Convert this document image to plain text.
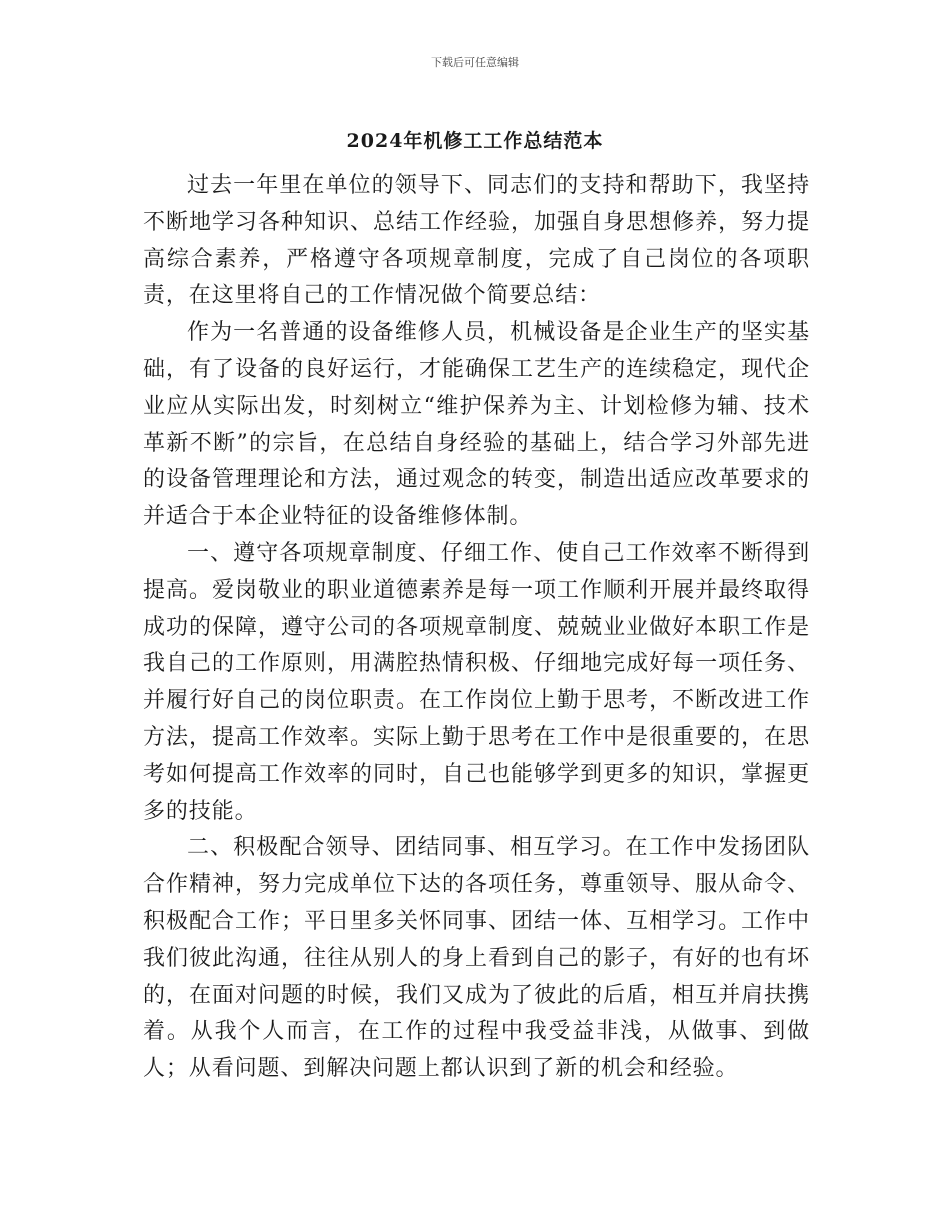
下载后可任意编辑
2024年机修工工作总结范本

过去一年里在单位的领导下、同志们的支持和帮助下，我坚持不断地学习各种知识、总结工作经验，加强自身思想修养，努力提高综合素养，严格遵守各项规章制度，完成了自己岗位的各项职责，在这里将自己的工作情况做个简要总结：

作为一名普通的设备维修人员，机械设备是企业生产的坚实基础，有了设备的良好运行，才能确保工艺生产的连续稳定，现代企业应从实际出发，时刻树立“维护保养为主、计划检修为辅、技术革新不断”的宗旨，在总结自身经验的基础上，结合学习外部先进的设备管理理论和方法，通过观念的转变，制造出适应改革要求的并适合于本企业特征的设备维修体制。

一、遵守各项规章制度、仔细工作、使自己工作效率不断得到提高。爱岗敬业的职业道德素养是每一项工作顺利开展并最终取得成功的保障，遵守公司的各项规章制度、兢兢业业做好本职工作是我自己的工作原则，用满腔热情积极、仔细地完成好每一项任务、并履行好自己的岗位职责。在工作岗位上勤于思考，不断改进工作方法，提高工作效率。实际上勤于思考在工作中是很重要的，在思考如何提高工作效率的同时，自己也能够学到更多的知识，掌握更多的技能。

二、积极配合领导、团结同事、相互学习。在工作中发扬团队合作精神，努力完成单位下达的各项任务，尊重领导、服从命令、积极配合工作；平日里多关怀同事、团结一体、互相学习。工作中我们彼此沟通，往往从别人的身上看到自己的影子，有好的也有坏的，在面对问题的时候，我们又成为了彼此的后盾，相互并肩扶携着。从我个人而言，在工作的过程中我受益非浅，从做事、到做人；从看问题、到解决问题上都认识到了新的机会和经验。
